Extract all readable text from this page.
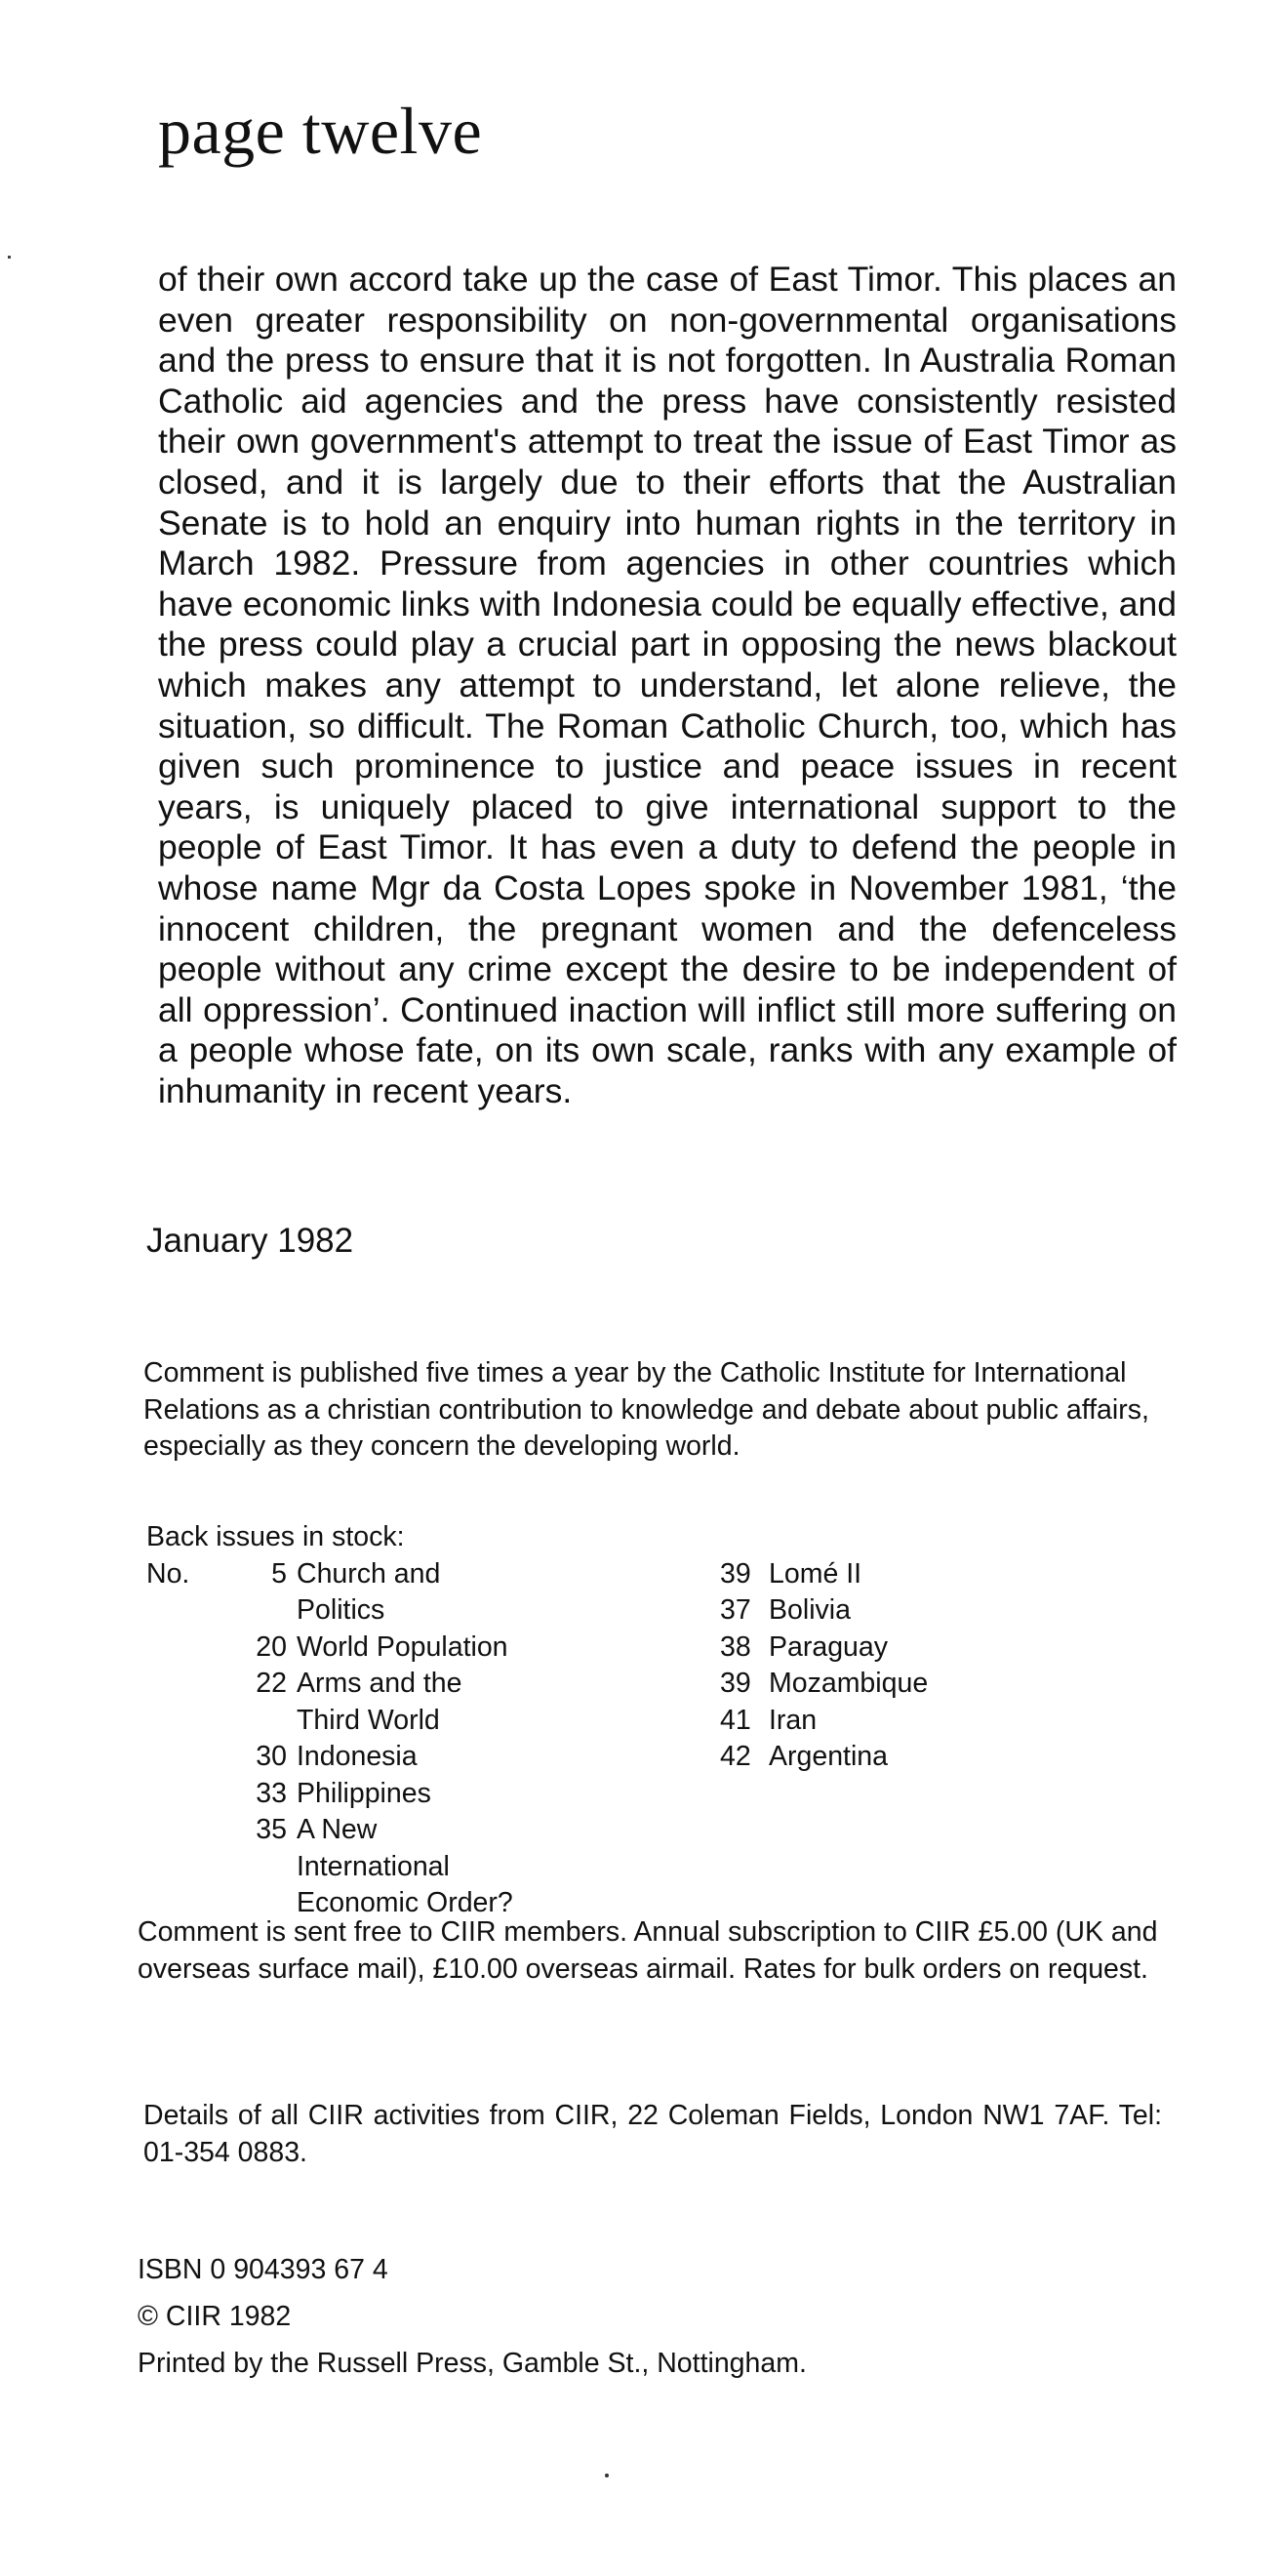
page twelve

of their own accord take up the case of East Timor. This places an even greater responsibility on non-governmental organisations and the press to ensure that it is not forgotten. In Australia Roman Catholic aid agencies and the press have consistently resisted their own government's attempt to treat the issue of East Timor as closed, and it is largely due to their efforts that the Australian Senate is to hold an enquiry into human rights in the territory in March 1982. Pressure from agencies in other countries which have economic links with Indonesia could be equally effective, and the press could play a crucial part in opposing the news blackout which makes any attempt to understand, let alone relieve, the situation, so difficult. The Roman Catholic Church, too, which has given such prominence to justice and peace issues in recent years, is uniquely placed to give international support to the people of East Timor. It has even a duty to defend the people in whose name Mgr da Costa Lopes spoke in November 1981, ‘the innocent children, the pregnant women and the defenceless people without any crime except the desire to be independent of all oppression’. Continued inaction will inflict still more suffering on a people whose fate, on its own scale, ranks with any example of inhumanity in recent years.

January 1982

Comment is published five times a year by the Catholic Institute for International Relations as a christian contribution to knowledge and debate about public affairs, especially as they concern the developing world.

Back issues in stock:
No.	5 Church and Politics
20 World Population
22 Arms and the Third World
30 Indonesia
33 Philippines
35 A New International Economic Order?
39 Lomé II
37 Bolivia
38 Paraguay
39 Mozambique
41 Iran
42 Argentina

Comment is sent free to CIIR members. Annual subscription to CIIR £5.00 (UK and overseas surface mail), £10.00 overseas airmail. Rates for bulk orders on request.

Details of all CIIR activities from CIIR, 22 Coleman Fields, London NW1 7AF. Tel: 01-354 0883.

ISBN 0 904393 67 4
© CIIR 1982
Printed by the Russell Press, Gamble St., Nottingham.
